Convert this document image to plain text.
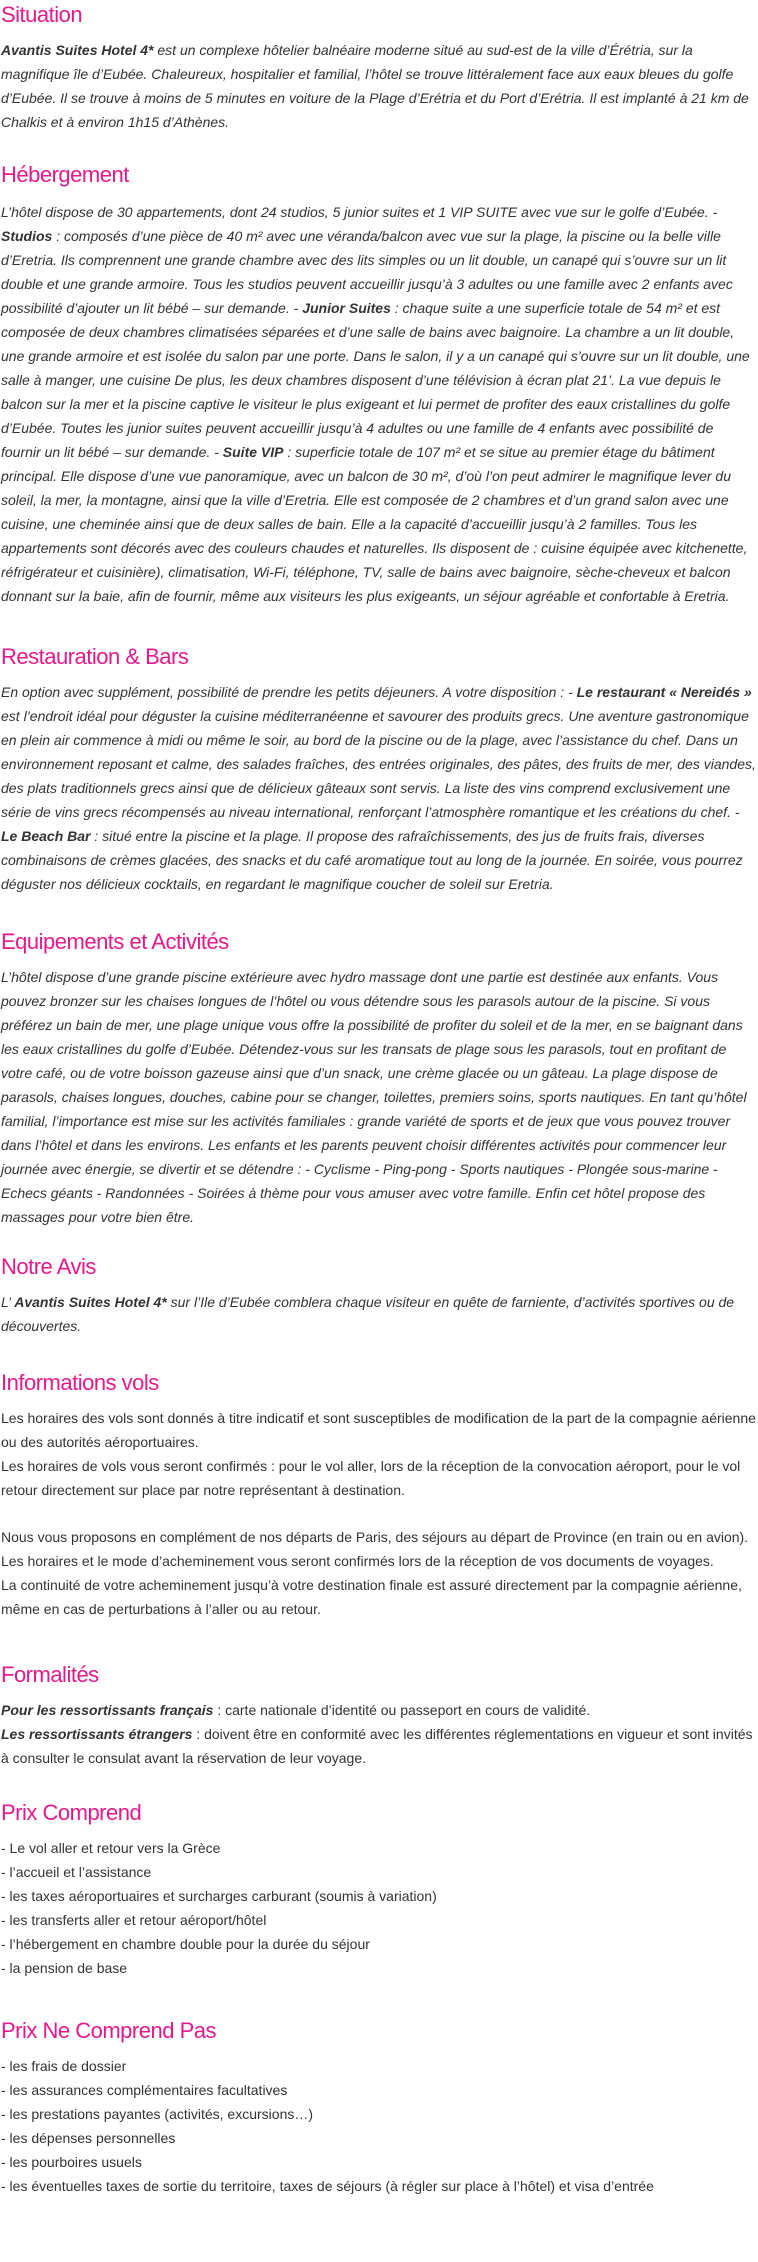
Situation

Avantis Suites Hotel 4* est un complexe hôtelier balnéaire moderne situé au sud-est de la ville d’Érétria, sur la magnifique île d’Eubée. Chaleureux, hospitalier et familial, l’hôtel se trouve littéralement face aux eaux bleues du golfe d’Eubée. Il se trouve à moins de 5 minutes en voiture de la Plage d’Erétria et du Port d’Erétria. Il est implanté à 21 km de Chalkis et à environ 1h15 d’Athènes.

Hébergement

L’hôtel dispose de 30 appartements, dont 24 studios, 5 junior suites et 1 VIP SUITE avec vue sur le golfe d’Eubée. - Studios : composés d’une pièce de 40 m² avec une véranda/balcon avec vue sur la plage, la piscine ou la belle ville d’Eretria. Ils comprennent une grande chambre avec des lits simples ou un lit double, un canapé qui s’ouvre sur un lit double et une grande armoire. Tous les studios peuvent accueillir jusqu’à 3 adultes ou une famille avec 2 enfants avec possibilité d’ajouter un lit bébé – sur demande. - Junior Suites : chaque suite a une superficie totale de 54 m² et est composée de deux chambres climatisées séparées et d’une salle de bains avec baignoire. La chambre a un lit double, une grande armoire et est isolée du salon par une porte. Dans le salon, il y a un canapé qui s’ouvre sur un lit double, une salle à manger, une cuisine De plus, les deux chambres disposent d’une télévision à écran plat 21’. La vue depuis le balcon sur la mer et la piscine captive le visiteur le plus exigeant et lui permet de profiter des eaux cristallines du golfe d’Eubée. Toutes les junior suites peuvent accueillir jusqu’à 4 adultes ou une famille de 4 enfants avec possibilité de fournir un lit bébé – sur demande. - Suite VIP : superficie totale de 107 m² et se situe au premier étage du bâtiment principal. Elle dispose d’une vue panoramique, avec un balcon de 30 m², d’où l’on peut admirer le magnifique lever du soleil, la mer, la montagne, ainsi que la ville d’Eretria. Elle est composée de 2 chambres et d’un grand salon avec une cuisine, une cheminée ainsi que de deux salles de bain. Elle a la capacité d’accueillir jusqu’à 2 familles. Tous les appartements sont décorés avec des couleurs chaudes et naturelles. Ils disposent de : cuisine équipée avec kitchenette, réfrigérateur et cuisinière), climatisation, Wi-Fi, téléphone, TV, salle de bains avec baignoire, sèche-cheveux et balcon donnant sur la baie, afin de fournir, même aux visiteurs les plus exigeants, un séjour agréable et confortable à Eretria.

Restauration & Bars

En option avec supplément, possibilité de prendre les petits déjeuners. A votre disposition : - Le restaurant « Nereidés » est l’endroit idéal pour déguster la cuisine méditerranéenne et savourer des produits grecs. Une aventure gastronomique en plein air commence à midi ou même le soir, au bord de la piscine ou de la plage, avec l’assistance du chef. Dans un environnement reposant et calme, des salades fraîches, des entrées originales, des pâtes, des fruits de mer, des viandes, des plats traditionnels grecs ainsi que de délicieux gâteaux sont servis. La liste des vins comprend exclusivement une série de vins grecs récompensés au niveau international, renforçant l’atmosphère romantique et les créations du chef. - Le Beach Bar : situé entre la piscine et la plage. Il propose des rafraîchissements, des jus de fruits frais, diverses combinaisons de crèmes glacées, des snacks et du café aromatique tout au long de la journée. En soirée, vous pourrez déguster nos délicieux cocktails, en regardant le magnifique coucher de soleil sur Eretria.

Equipements et Activités

L’hôtel dispose d’une grande piscine extérieure avec hydro massage dont une partie est destinée aux enfants. Vous pouvez bronzer sur les chaises longues de l’hôtel ou vous détendre sous les parasols autour de la piscine. Si vous préférez un bain de mer, une plage unique vous offre la possibilité de profiter du soleil et de la mer, en se baignant dans les eaux cristallines du golfe d’Eubée. Détendez-vous sur les transats de plage sous les parasols, tout en profitant de votre café, ou de votre boisson gazeuse ainsi que d’un snack, une crème glacée ou un gâteau. La plage dispose de parasols, chaises longues, douches, cabine pour se changer, toilettes, premiers soins, sports nautiques. En tant qu’hôtel familial, l’importance est mise sur les activités familiales : grande variété de sports et de jeux que vous pouvez trouver dans l’hôtel et dans les environs. Les enfants et les parents peuvent choisir différentes activités pour commencer leur journée avec énergie, se divertir et se détendre : - Cyclisme - Ping-pong - Sports nautiques - Plongée sous-marine - Echecs géants - Randonnées - Soirées à thème pour vous amuser avec votre famille. Enfin cet hôtel propose des massages pour votre bien être.

Notre Avis

L’ Avantis Suites Hotel 4* sur l’Ile d’Eubée comblera chaque visiteur en quête de farniente, d’activités sportives ou de découvertes.

Informations vols

Les horaires des vols sont donnés à titre indicatif et sont susceptibles de modification de la part de la compagnie aérienne ou des autorités aéroportuaires.

Les horaires de vols vous seront confirmés : pour le vol aller, lors de la réception de la convocation aéroport, pour le vol retour directement sur place par notre représentant à destination.

Nous vous proposons en complément de nos départs de Paris, des séjours au départ de Province (en train ou en avion).

Les horaires et le mode d’acheminement vous seront confirmés lors de la réception de vos documents de voyages.

La continuité de votre acheminement jusqu’à votre destination finale est assuré directement par la compagnie aérienne, même en cas de perturbations à l’aller ou au retour.

Formalités

Pour les ressortissants français : carte nationale d’identité ou passeport en cours de validité.

Les ressortissants étrangers : doivent être en conformité avec les différentes réglementations en vigueur et sont invités à consulter le consulat avant la réservation de leur voyage.

Prix Comprend

- Le vol aller et retour vers la Grèce

- l’accueil et l’assistance

- les taxes aéroportuaires et surcharges carburant (soumis à variation)

- les transferts aller et retour aéroport/hôtel

- l’hébergement en chambre double pour la durée du séjour

- la pension de base

Prix Ne Comprend Pas

- les frais de dossier

- les assurances complémentaires facultatives

- les prestations payantes (activités, excursions…)

- les dépenses personnelles

- les pourboires usuels

- les éventuelles taxes de sortie du territoire, taxes de séjours (à régler sur place à l’hôtel) et visa d’entrée
